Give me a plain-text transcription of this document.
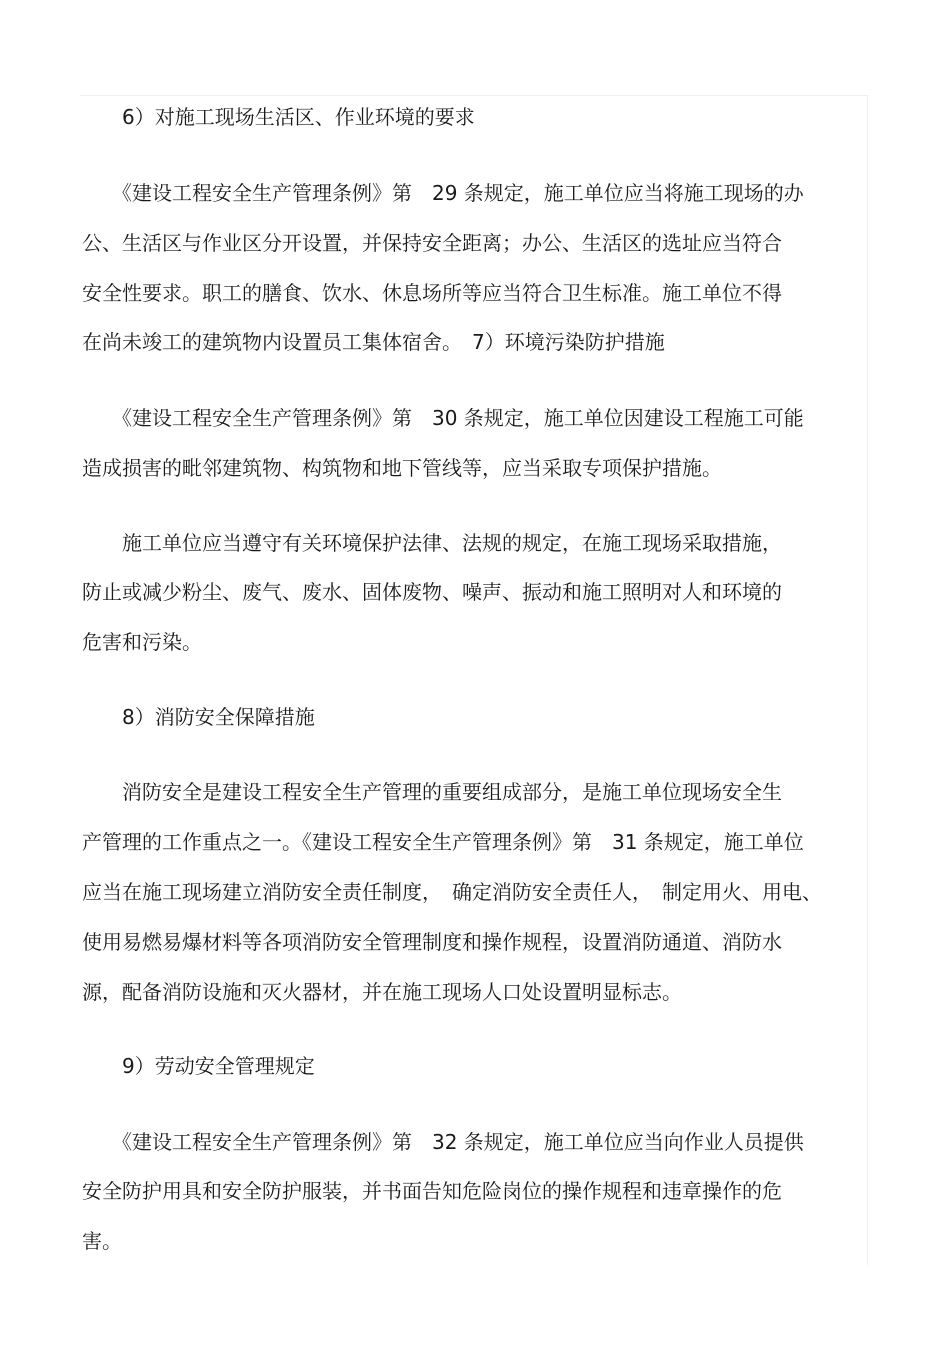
　　6）对施工现场生活区、作业环境的要求

　　《建设工程安全生产管理条例》第　29 条规定，施工单位应当将施工现场的办

公、生活区与作业区分开设置，并保持安全距离；办公、生活区的选址应当符合

安全性要求。职工的膳食、饮水、休息场所等应当符合卫生标准。施工单位不得

在尚未竣工的建筑物内设置员工集体宿舍。　7）环境污染防护措施

　　《建设工程安全生产管理条例》第　30 条规定，施工单位因建设工程施工可能

造成损害的毗邻建筑物、构筑物和地下管线等，应当采取专项保护措施。

　　施工单位应当遵守有关环境保护法律、法规的规定，在施工现场采取措施，

防止或减少粉尘、废气、废水、固体废物、噪声、振动和施工照明对人和环境的

危害和污染。

　　8）消防安全保障措施

　　消防安全是建设工程安全生产管理的重要组成部分，是施工单位现场安全生

产管理的工作重点之一。《建设工程安全生产管理条例》第　31 条规定，施工单位

应当在施工现场建立消防安全责任制度，　确定消防安全责任人，　制定用火、用电、

使用易燃易爆材料等各项消防安全管理制度和操作规程，设置消防通道、消防水

源，配备消防设施和灭火器材，并在施工现场人口处设置明显标志。

　　9）劳动安全管理规定

　　《建设工程安全生产管理条例》第　32 条规定，施工单位应当向作业人员提供

安全防护用具和安全防护服装，并书面告知危险岗位的操作规程和违章操作的危

害。
